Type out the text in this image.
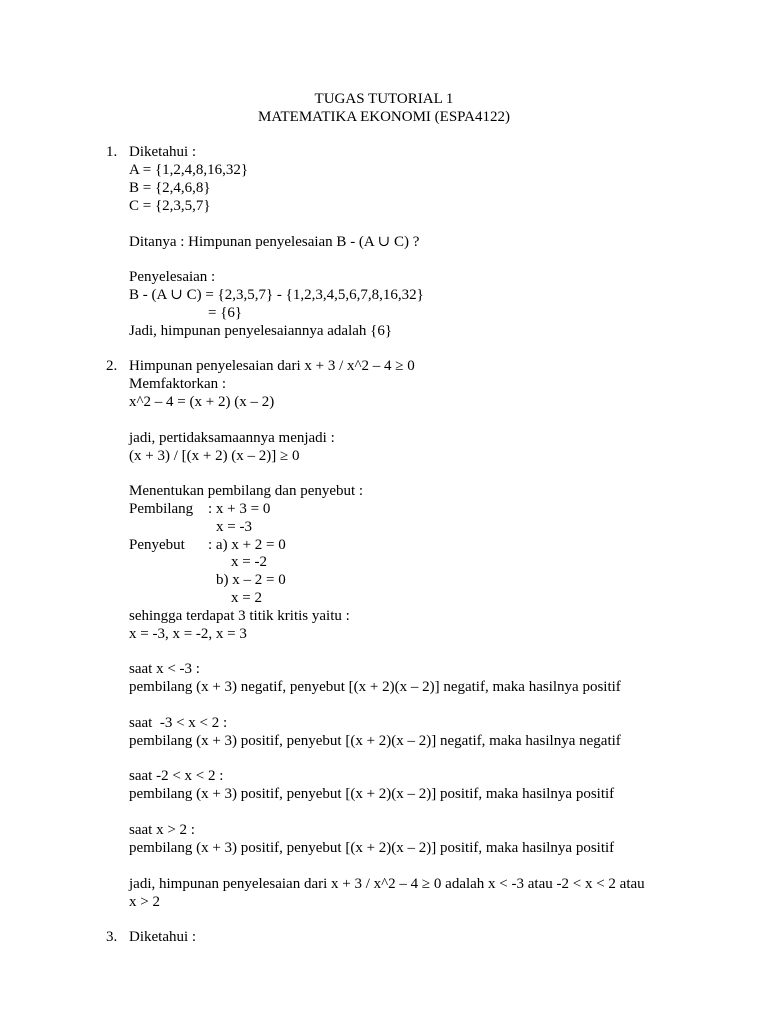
TUGAS TUTORIAL 1
MATEMATIKA EKONOMI (ESPA4122)
1. Diketahui :
A = {1,2,4,8,16,32}
B = {2,4,6,8}
C = {2,3,5,7}
Ditanya : Himpunan penyelesaian B - (A ∪ C) ?
Penyelesaian :
B - (A ∪ C) = {2,3,5,7} - {1,2,3,4,5,6,7,8,16,32}
= {6}
Jadi, himpunan penyelesaiannya adalah {6}
2. Himpunan penyelesaian dari x + 3 / x^2 – 4 ≥ 0
Memfaktorkan :
x^2 – 4 = (x + 2) (x – 2)
jadi, pertidaksamaannya menjadi :
(x + 3) / [(x + 2) (x – 2)] ≥ 0
Menentukan pembilang dan penyebut :
Pembilang : x + 3 = 0
x = -3
Penyebut : a) x + 2 = 0
x = -2
b) x – 2 = 0
x = 2
sehingga terdapat 3 titik kritis yaitu :
x = -3, x = -2, x = 3
saat x < -3 :
pembilang (x + 3) negatif, penyebut [(x + 2)(x – 2)] negatif, maka hasilnya positif
saat  -3 < x < 2 :
pembilang (x + 3) positif, penyebut [(x + 2)(x – 2)] negatif, maka hasilnya negatif
saat -2 < x < 2 :
pembilang (x + 3) positif, penyebut [(x + 2)(x – 2)] positif, maka hasilnya positif
saat x > 2 :
pembilang (x + 3) positif, penyebut [(x + 2)(x – 2)] positif, maka hasilnya positif
jadi, himpunan penyelesaian dari x + 3 / x^2 – 4 ≥ 0 adalah x < -3 atau -2 < x < 2 atau
x > 2
3. Diketahui :
